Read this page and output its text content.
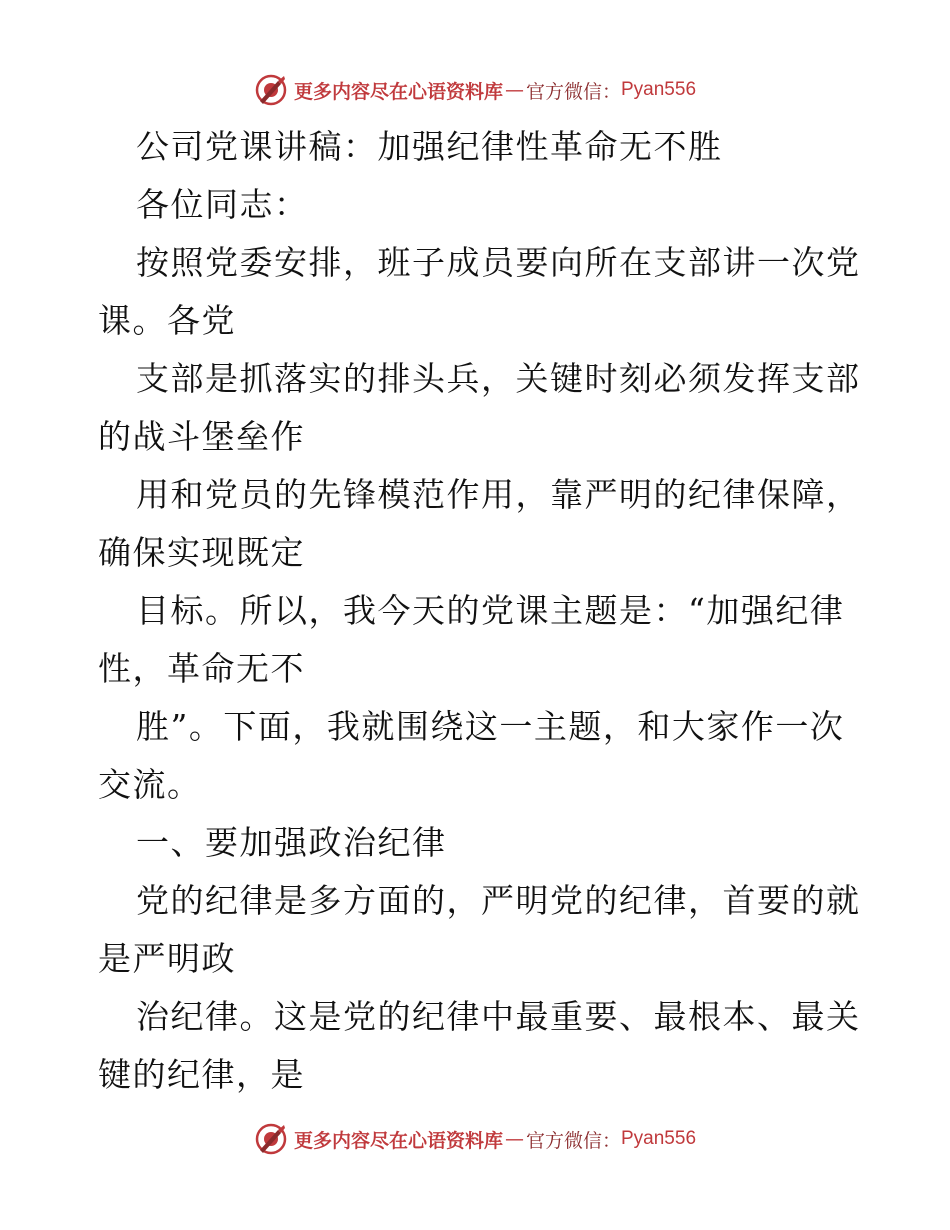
更多内容尽在心语资料库 — 官方微信： Pyan556
公司党课讲稿：加强纪律性革命无不胜
各位同志：
按照党委安排，班子成员要向所在支部讲一次党
课。各党
支部是抓落实的排头兵，关键时刻必须发挥支部
的战斗堡垒作
用和党员的先锋模范作用，靠严明的纪律保障，
确保实现既定
目标。所以，我今天的党课主题是：“加强纪律
性，革命无不
胜”。下面，我就围绕这一主题，和大家作一次
交流。
一、要加强政治纪律
党的纪律是多方面的，严明党的纪律，首要的就
是严明政
治纪律。这是党的纪律中最重要、最根本、最关
键的纪律，是
更多内容尽在心语资料库 — 官方微信： Pyan556
